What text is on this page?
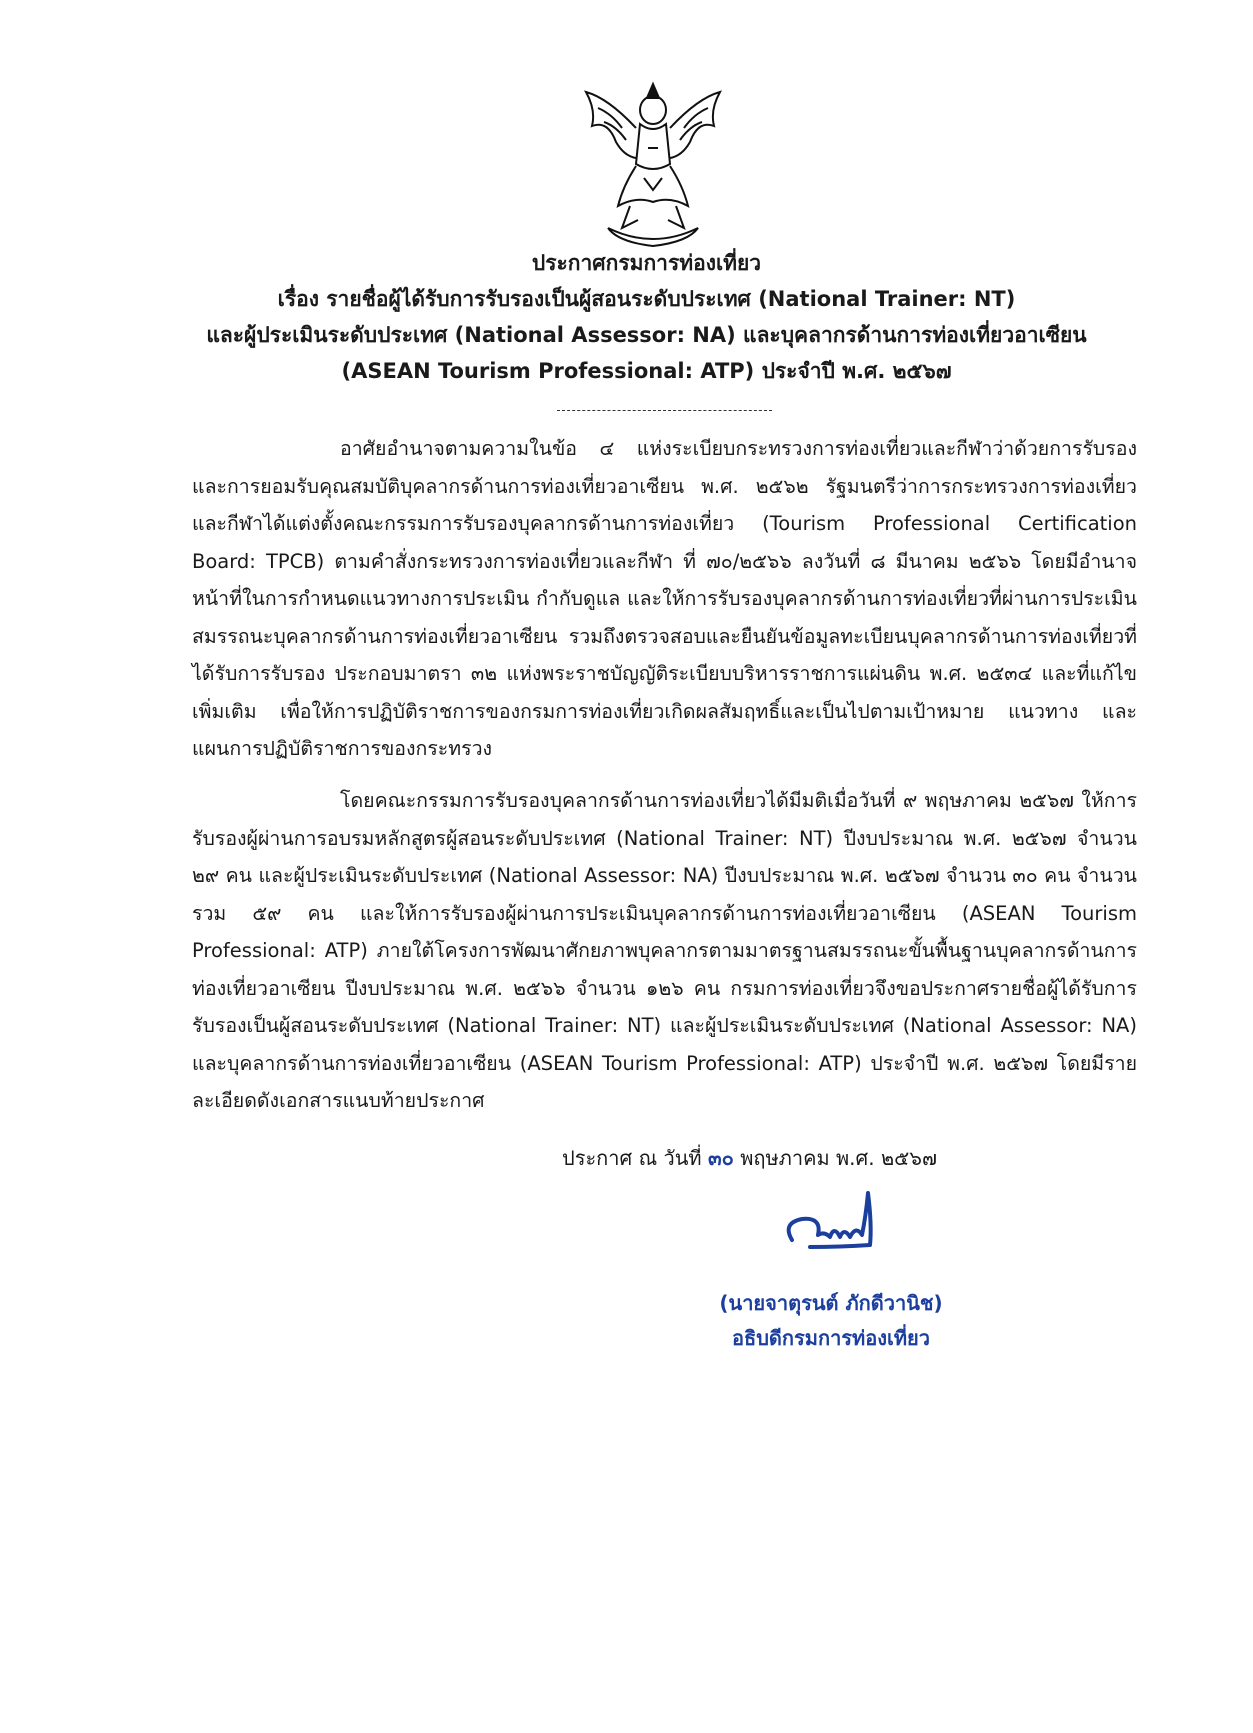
ประกาศกรมการท่องเที่ยว
เรื่อง รายชื่อผู้ได้รับการรับรองเป็นผู้สอนระดับประเทศ (National Trainer: NT)
และผู้ประเมินระดับประเทศ (National Assessor: NA) และบุคลากรด้านการท่องเที่ยวอาเซียน
(ASEAN Tourism Professional: ATP) ประจำปี พ.ศ. ๒๕๖๗

อาศัยอำนาจตามความในข้อ ๔ แห่งระเบียบกระทรวงการท่องเที่ยวและกีฬาว่าด้วยการรับรองและการยอมรับคุณสมบัติบุคลากรด้านการท่องเที่ยวอาเซียน พ.ศ. ๒๕๖๒ รัฐมนตรีว่าการกระทรวงการท่องเที่ยวและกีฬาได้แต่งตั้งคณะกรรมการรับรองบุคลากรด้านการท่องเที่ยว (Tourism Professional Certification Board: TPCB) ตามคำสั่งกระทรวงการท่องเที่ยวและกีฬา ที่ ๗๐/๒๕๖๖ ลงวันที่ ๘ มีนาคม ๒๕๖๖ โดยมีอำนาจหน้าที่ในการกำหนดแนวทางการประเมิน กำกับดูแล และให้การรับรองบุคลากรด้านการท่องเที่ยวที่ผ่านการประเมินสมรรถนะบุคลากรด้านการท่องเที่ยวอาเซียน รวมถึงตรวจสอบและยืนยันข้อมูลทะเบียนบุคลากรด้านการท่องเที่ยวที่ได้รับการรับรอง ประกอบมาตรา ๓๒ แห่งพระราชบัญญัติระเบียบบริหารราชการแผ่นดิน พ.ศ. ๒๕๓๔ และที่แก้ไขเพิ่มเติม เพื่อให้การปฏิบัติราชการของกรมการท่องเที่ยวเกิดผลสัมฤทธิ์และเป็นไปตามเป้าหมาย แนวทาง และแผนการปฏิบัติราชการของกระทรวง

โดยคณะกรรมการรับรองบุคลากรด้านการท่องเที่ยวได้มีมติเมื่อวันที่ ๙ พฤษภาคม ๒๕๖๗ ให้การรับรองผู้ผ่านการอบรมหลักสูตรผู้สอนระดับประเทศ (National Trainer: NT) ปีงบประมาณ พ.ศ. ๒๕๖๗ จำนวน ๒๙ คน และผู้ประเมินระดับประเทศ (National Assessor: NA) ปีงบประมาณ พ.ศ. ๒๕๖๗ จำนวน ๓๐ คน จำนวนรวม ๕๙ คน และให้การรับรองผู้ผ่านการประเมินบุคลากรด้านการท่องเที่ยวอาเซียน (ASEAN Tourism Professional: ATP) ภายใต้โครงการพัฒนาศักยภาพบุคลากรตามมาตรฐานสมรรถนะขั้นพื้นฐานบุคลากรด้านการท่องเที่ยวอาเซียน ปีงบประมาณ พ.ศ. ๒๕๖๖ จำนวน ๑๒๖ คน กรมการท่องเที่ยวจึงขอประกาศรายชื่อผู้ได้รับการรับรองเป็นผู้สอนระดับประเทศ (National Trainer: NT) และผู้ประเมินระดับประเทศ (National Assessor: NA) และบุคลากรด้านการท่องเที่ยวอาเซียน (ASEAN Tourism Professional: ATP) ประจำปี พ.ศ. ๒๕๖๗ โดยมีรายละเอียดดังเอกสารแนบท้ายประกาศ

ประกาศ ณ วันที่ ๓๐ พฤษภาคม พ.ศ. ๒๕๖๗
(นายจาตุรนต์ ภักดีวานิช)
อธิบดีกรมการท่องเที่ยว
